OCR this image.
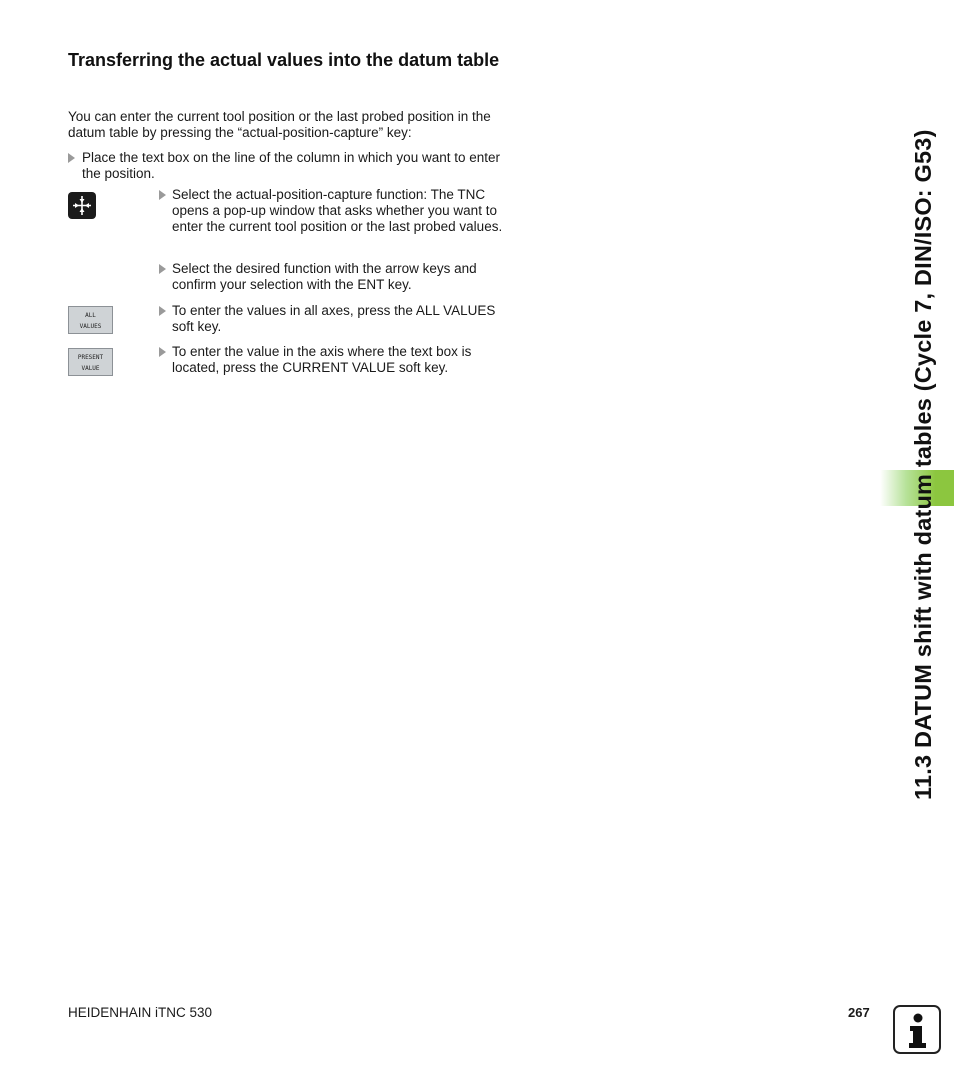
Transferring the actual values into the datum table
You can enter the current tool position or the last probed position in the datum table by pressing the “actual-position-capture” key:
Place the text box on the line of the column in which you want to enter the position.
Select the actual-position-capture function: The TNC opens a pop-up window that asks whether you want to enter the current tool position or the last probed values.
Select the desired function with the arrow keys and confirm your selection with the ENT key.
ALL
VALUES
To enter the values in all axes, press the ALL VALUES soft key.
PRESENT
VALUE
To enter the value in the axis where the text box is located, press the CURRENT VALUE soft key.	11.3 DATUM shift with datum tables (Cycle 7, DIN/ISO: G53)
HEIDENHAIN iTNC 530	267
